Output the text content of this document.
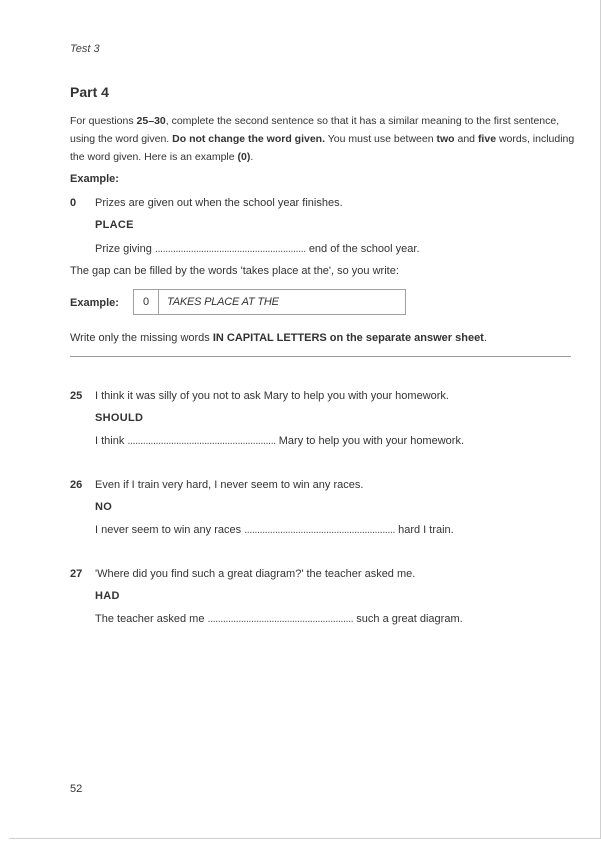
Test 3
Part 4
For questions 25–30, complete the second sentence so that it has a similar meaning to the first sentence, using the word given. Do not change the word given. You must use between two and five words, including the word given. Here is an example (0).
Example:
0 Prizes are given out when the school year finishes.
PLACE
Prize giving ........................................................... end of the school year.
The gap can be filled by the words 'takes place at the', so you write:
Example:	0	TAKES PLACE AT THE
Write only the missing words IN CAPITAL LETTERS on the separate answer sheet.
25 I think it was silly of you not to ask Mary to help you with your homework.
SHOULD
I think .......................................................... Mary to help you with your homework.
26 Even if I train very hard, I never seem to win any races.
NO
I never seem to win any races ........................................................... hard I train.
27 'Where did you find such a great diagram?' the teacher asked me.
HAD
The teacher asked me ......................................................... such a great diagram.
52
